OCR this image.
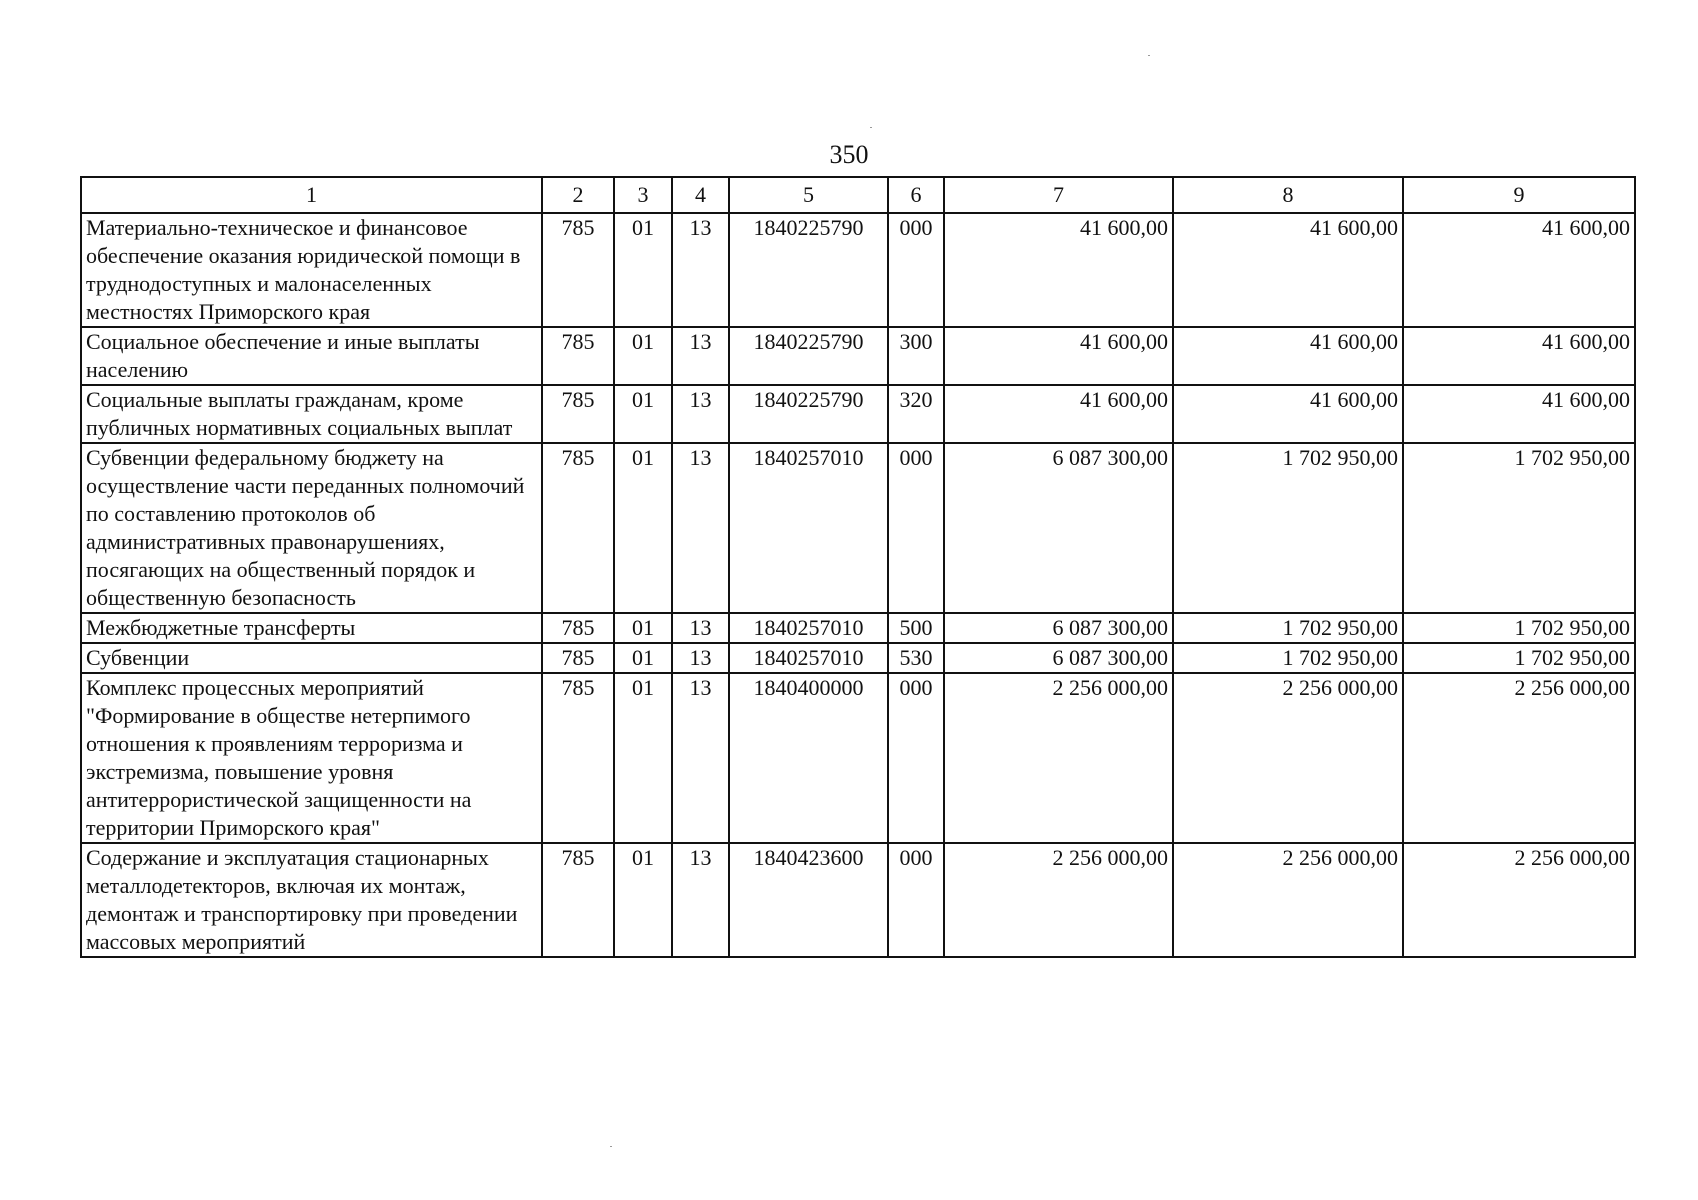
350
1	2	3	4	5	6	7	8	9
Материально-техническое и финансовое обеспечение оказания юридической помощи в труднодоступных и малонаселенных местностях Приморского края	785	01	13	1840225790	000	41 600,00	41 600,00	41 600,00
Социальное обеспечение и иные выплаты населению	785	01	13	1840225790	300	41 600,00	41 600,00	41 600,00
Социальные выплаты гражданам, кроме публичных нормативных социальных выплат	785	01	13	1840225790	320	41 600,00	41 600,00	41 600,00
Субвенции федеральному бюджету на осуществление части переданных полномочий по составлению протоколов об административных правонарушениях, посягающих на общественный порядок и общественную безопасность	785	01	13	1840257010	000	6 087 300,00	1 702 950,00	1 702 950,00
Межбюджетные трансферты	785	01	13	1840257010	500	6 087 300,00	1 702 950,00	1 702 950,00
Субвенции	785	01	13	1840257010	530	6 087 300,00	1 702 950,00	1 702 950,00
Комплекс процессных мероприятий "Формирование в обществе нетерпимого отношения к проявлениям терроризма и экстремизма, повышение уровня антитеррористической защищенности на территории Приморского края"	785	01	13	1840400000	000	2 256 000,00	2 256 000,00	2 256 000,00
Содержание и эксплуатация стационарных металлодетекторов, включая их монтаж, демонтаж и транспортировку при проведении массовых мероприятий	785	01	13	1840423600	000	2 256 000,00	2 256 000,00	2 256 000,00
